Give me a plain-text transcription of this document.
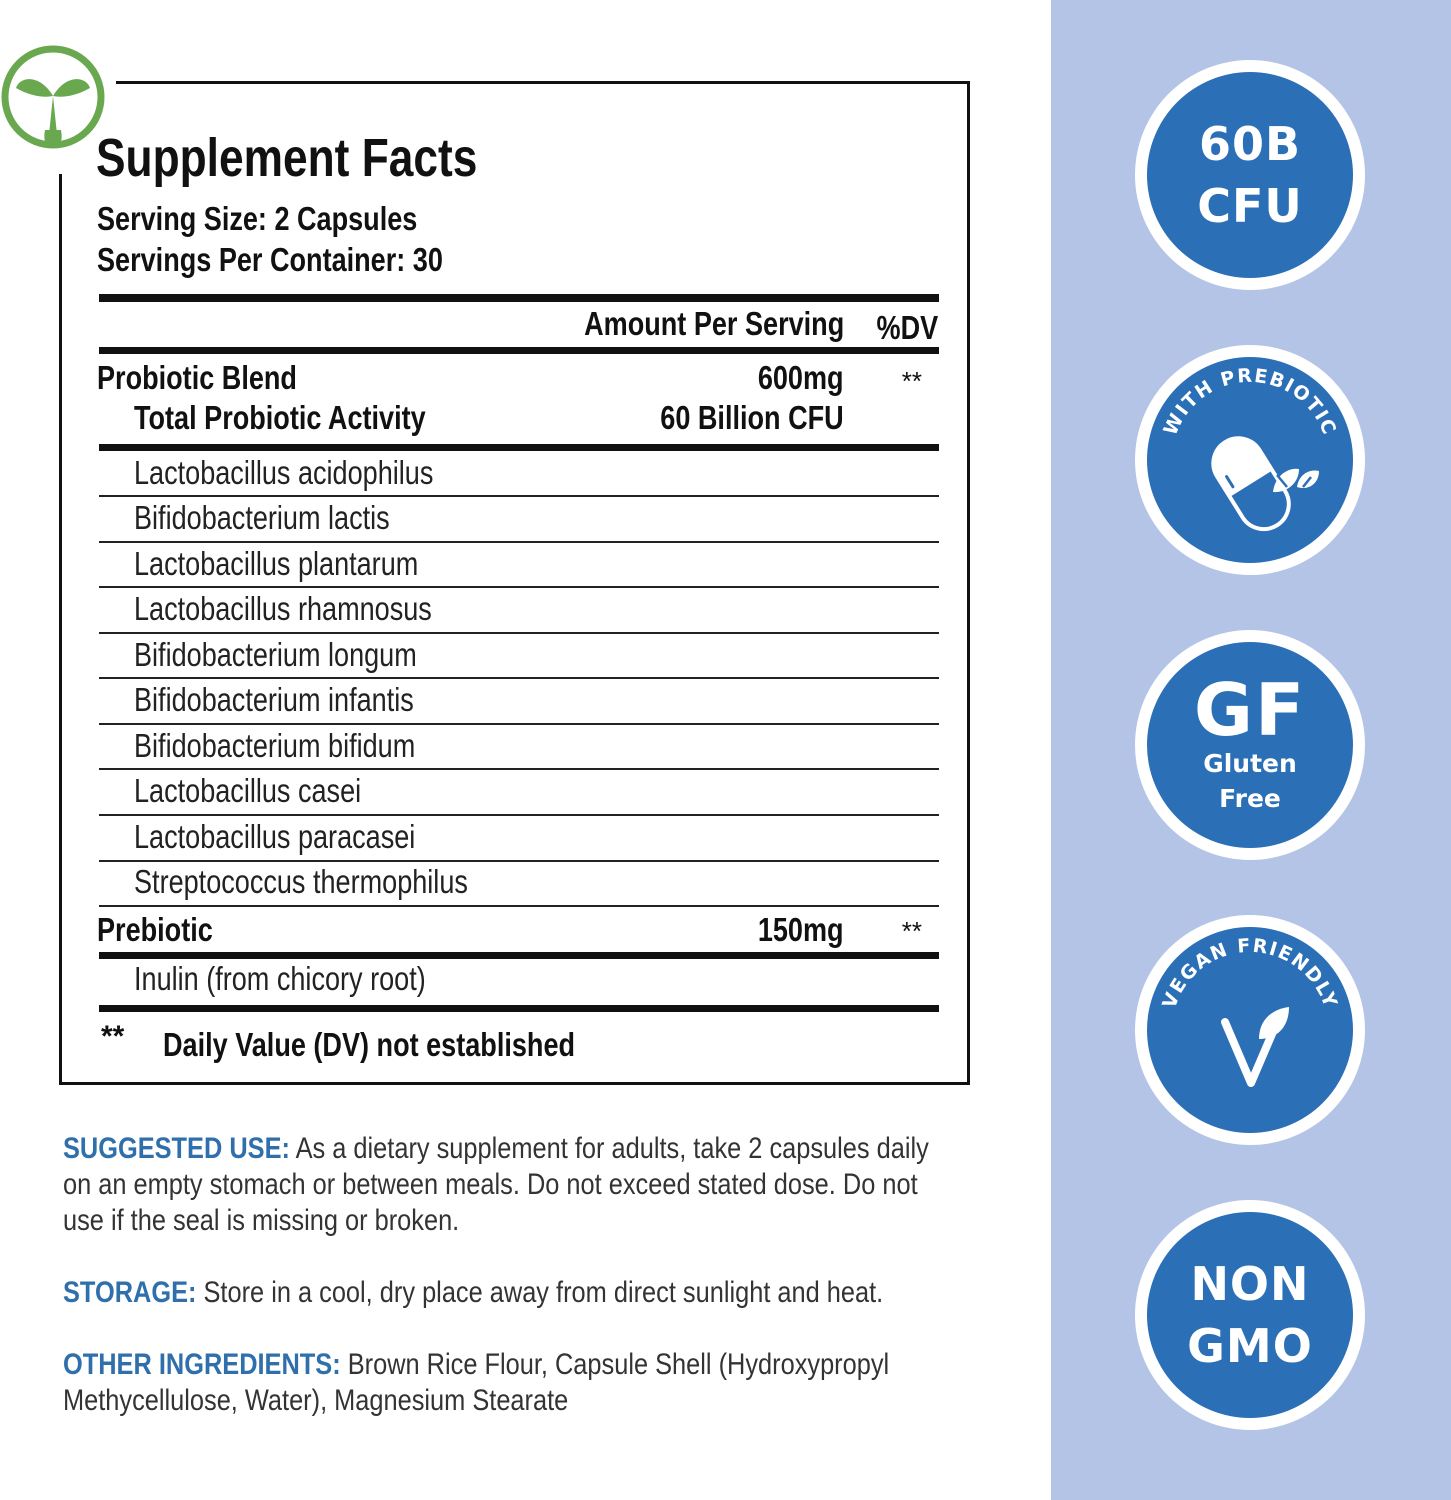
60B
CFU
WITH PREBIOTIC
GF
Gluten
Free
VEGAN FRIENDLY
NON
GMO
Supplement Facts
Serving Size: 2 Capsules
Servings Per Container: 30
Amount Per Serving %DV
Probiotic Blend	600mg **
Total Probiotic Activity	60 Billion CFU
Lactobacillus acidophilus
Bifidobacterium lactis
Lactobacillus plantarum
Lactobacillus rhamnosus
Bifidobacterium longum
Bifidobacterium infantis
Bifidobacterium bifidum
Lactobacillus casei
Lactobacillus paracasei
Streptococcus thermophilus
Prebiotic	150mg **
Inulin (from chicory root)
** Daily Value (DV) not established
SUGGESTED USE: As a dietary supplement for adults, take 2 capsules daily
on an empty stomach or between meals. Do not exceed stated dose. Do not
use if the seal is missing or broken.
STORAGE: Store in a cool, dry place away from direct sunlight and heat.
OTHER INGREDIENTS: Brown Rice Flour, Capsule Shell (Hydroxypropyl
Methycellulose, Water), Magnesium Stearate
